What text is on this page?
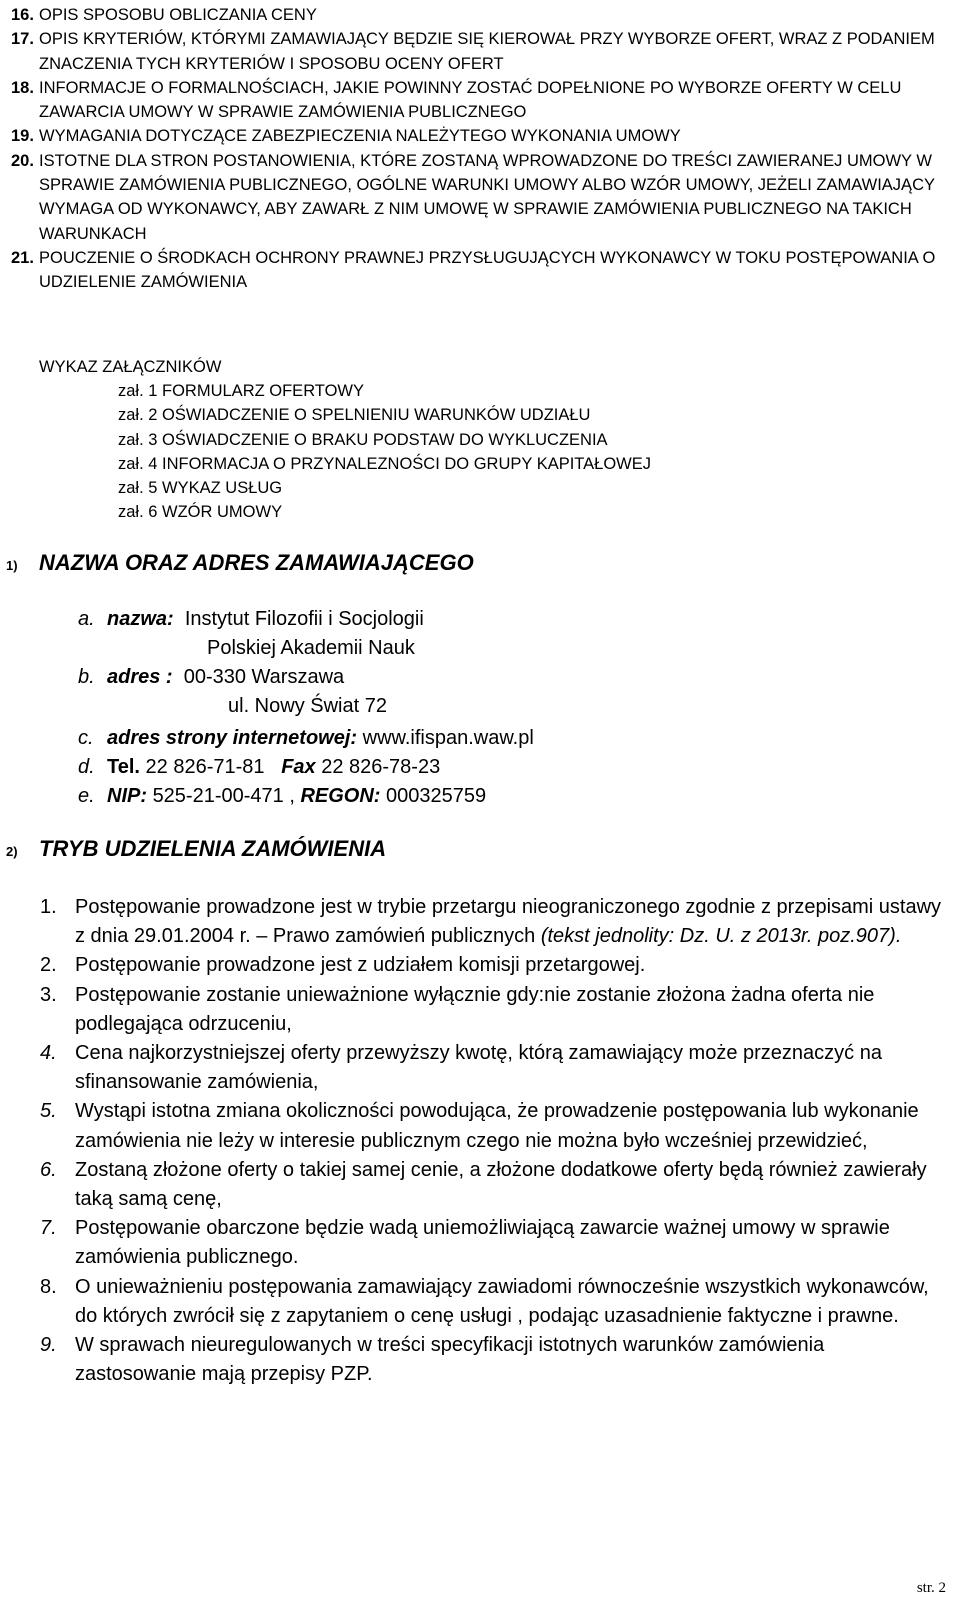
16. OPIS SPOSOBU OBLICZANIA CENY
17. OPIS KRYTERIÓW, KTÓRYMI ZAMAWIAJĄCY BĘDZIE SIĘ KIEROWAŁ PRZY WYBORZE OFERT, WRAZ Z PODANIEM ZNACZENIA TYCH KRYTERIÓW I SPOSOBU OCENY OFERT
18. INFORMACJE O FORMALNOŚCIACH, JAKIE POWINNY ZOSTAĆ DOPEŁNIONE PO WYBORZE OFERTY W CELU ZAWARCIA UMOWY W SPRAWIE ZAMÓWIENIA PUBLICZNEGO
19. WYMAGANIA DOTYCZĄCE ZABEZPIECZENIA NALEŻYTEGO WYKONANIA UMOWY
20. ISTOTNE DLA STRON POSTANOWIENIA, KTÓRE ZOSTANĄ WPROWADZONE DO TREŚCI ZAWIERANEJ UMOWY W SPRAWIE ZAMÓWIENIA PUBLICZNEGO, OGÓLNE WARUNKI UMOWY ALBO WZÓR UMOWY, JEŻELI ZAMAWIAJĄCY WYMAGA OD WYKONAWCY, ABY ZAWARŁ Z NIM UMOWĘ W SPRAWIE ZAMÓWIENIA PUBLICZNEGO NA TAKICH WARUNKACH
21. POUCZENIE O ŚRODKACH OCHRONY PRAWNEJ PRZYSŁUGUJĄCYCH WYKONAWCY W TOKU POSTĘPOWANIA O UDZIELENIE ZAMÓWIENIA
WYKAZ ZAŁĄCZNIKÓW
zał. 1 FORMULARZ OFERTOWY
zał. 2 OŚWIADCZENIE O SPELNIENIU WARUNKÓW UDZIAŁU
zał. 3 OŚWIADCZENIE O BRAKU PODSTAW DO WYKLUCZENIA
zał. 4 INFORMACJA O PRZYNALEZNOŚCI DO GRUPY KAPITAŁOWEJ
zał. 5 WYKAZ USŁUG
zał. 6 WZÓR UMOWY
1) NAZWA ORAZ ADRES ZAMAWIAJĄCEGO
a. nazwa:
Instytut Filozofii i Socjologii
Polskiej Akademii Nauk
b. adres :
00-330 Warszawa
ul. Nowy Świat 72
c. adres strony internetowej:
www.ifispan.waw.pl
d. Tel.
22 826-71-81
Fax
22 826-78-23
e. NIP:
525-21-00-471 ,
REGON:
000325759
2) TRYB UDZIELENIA ZAMÓWIENIA
1. Postępowanie prowadzone jest w trybie przetargu nieograniczonego zgodnie z przepisami ustawy z dnia 29.01.2004 r. – Prawo zamówień publicznych (tekst jednolity: Dz. U. z 2013r. poz.907).
2. Postępowanie prowadzone jest z udziałem komisji przetargowej.
3. Postępowanie zostanie unieważnione wyłącznie gdy:nie zostanie złożona żadna oferta nie podlegająca odrzuceniu,
4. Cena najkorzystniejszej oferty przewyższy kwotę, którą zamawiający może przeznaczyć na sfinansowanie zamówienia,
5. Wystąpi istotna zmiana okoliczności powodująca, że prowadzenie postępowania lub wykonanie zamówienia nie leży w interesie publicznym czego nie można było wcześniej przewidzieć,
6. Zostaną złożone oferty o takiej samej cenie, a złożone dodatkowe oferty będą również zawierały taką samą cenę,
7. Postępowanie obarczone będzie wadą uniemożliwiającą zawarcie ważnej umowy w sprawie zamówienia publicznego.
8. O unieważnieniu postępowania zamawiający zawiadomi równocześnie wszystkich wykonawców, do których zwrócił się z zapytaniem o cenę usługi , podając uzasadnienie faktyczne i prawne.
9. W sprawach nieuregulowanych w treści specyfikacji istotnych warunków zamówienia zastosowanie mają przepisy PZP.
str. 2
